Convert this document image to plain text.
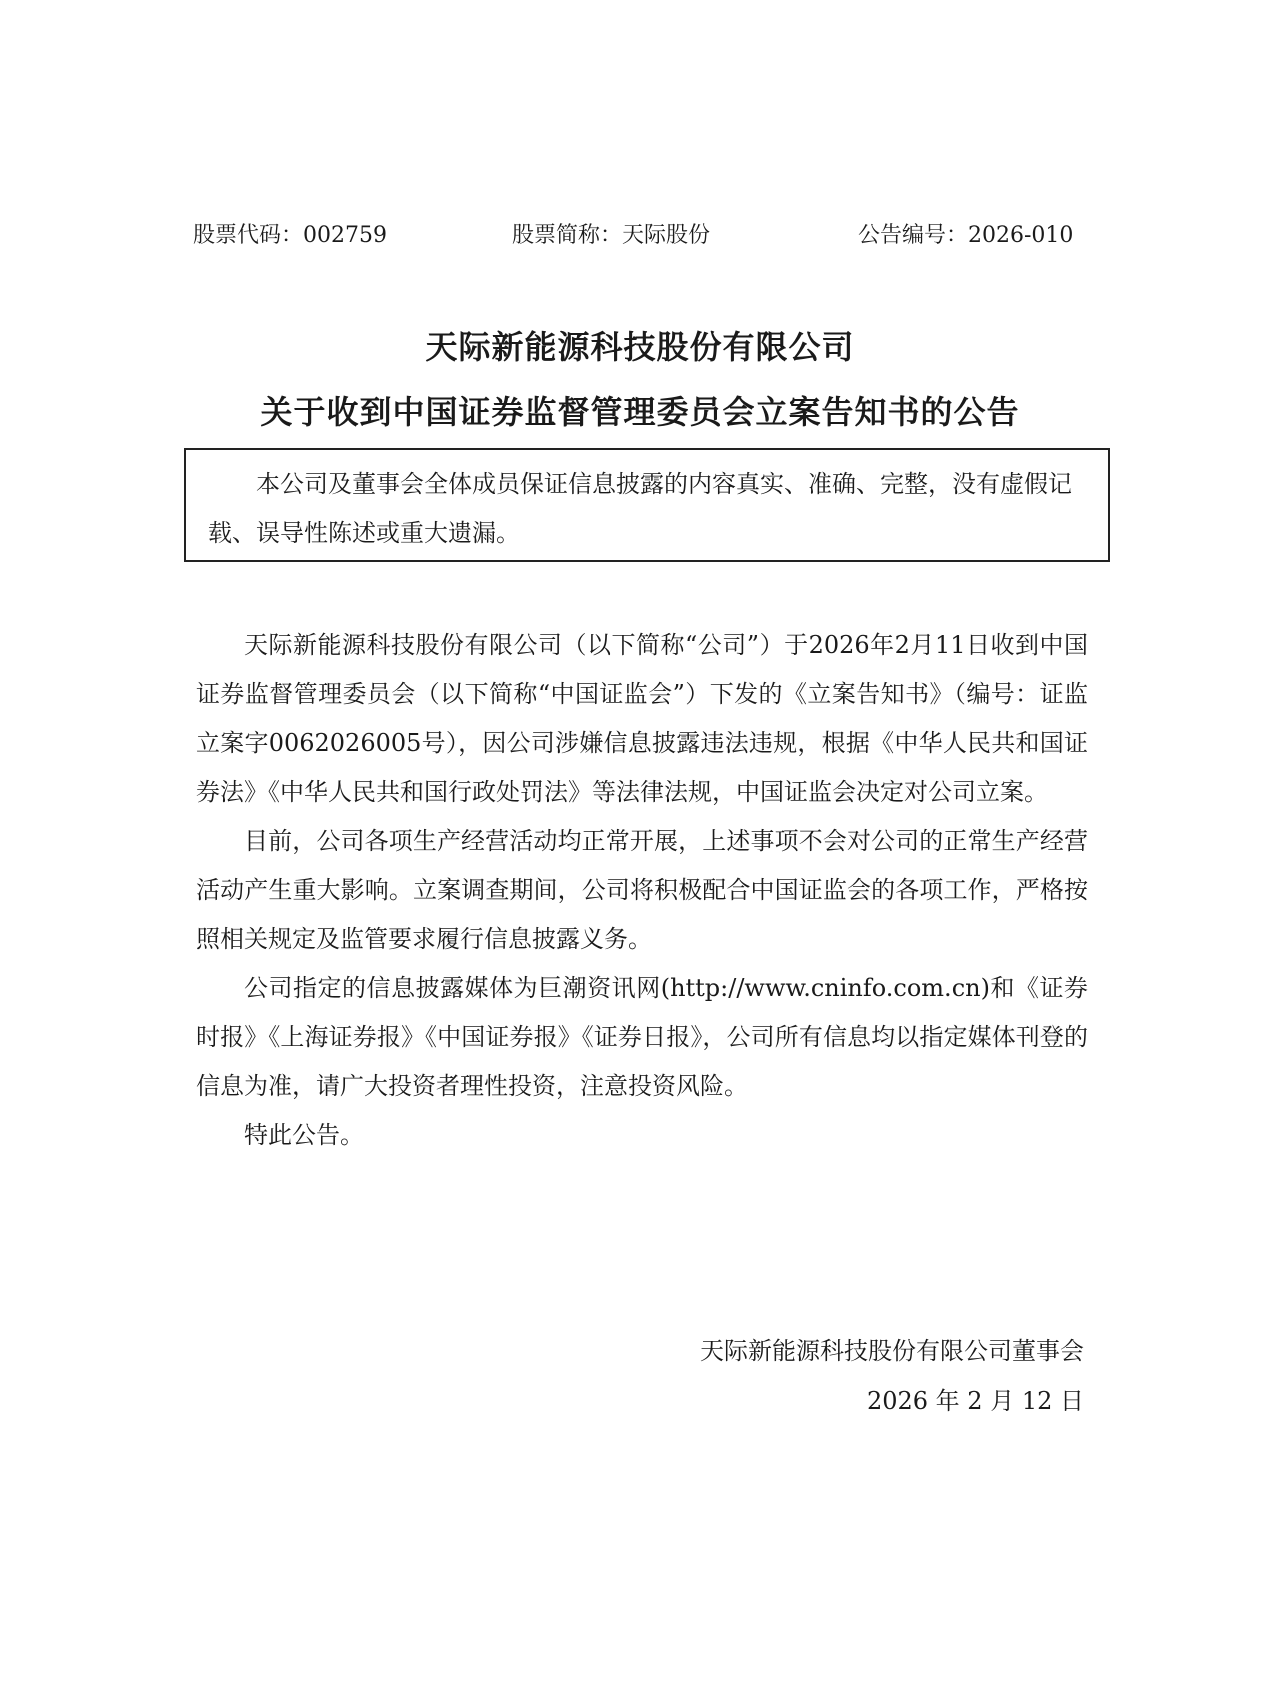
股票代码：002759	股票简称：天际股份	公告编号：2026-010
天际新能源科技股份有限公司
关于收到中国证券监督管理委员会立案告知书的公告
本公司及董事会全体成员保证信息披露的内容真实、准确、完整，没有虚假记载、误导性陈述或重大遗漏。

天际新能源科技股份有限公司（以下简称“公司”）于2026年2月11日收到中国证券监督管理委员会（以下简称“中国证监会”）下发的《立案告知书》（编号：证监立案字0062026005号），因公司涉嫌信息披露违法违规，根据《中华人民共和国证券法》《中华人民共和国行政处罚法》等法律法规，中国证监会决定对公司立案。

目前，公司各项生产经营活动均正常开展，上述事项不会对公司的正常生产经营活动产生重大影响。立案调查期间，公司将积极配合中国证监会的各项工作，严格按照相关规定及监管要求履行信息披露义务。

公司指定的信息披露媒体为巨潮资讯网(http://www.cninfo.com.cn)和《证券时报》《上海证券报》《中国证券报》《证券日报》，公司所有信息均以指定媒体刊登的信息为准，请广大投资者理性投资，注意投资风险。

特此公告。

天际新能源科技股份有限公司董事会
2026 年 2 月 12 日
